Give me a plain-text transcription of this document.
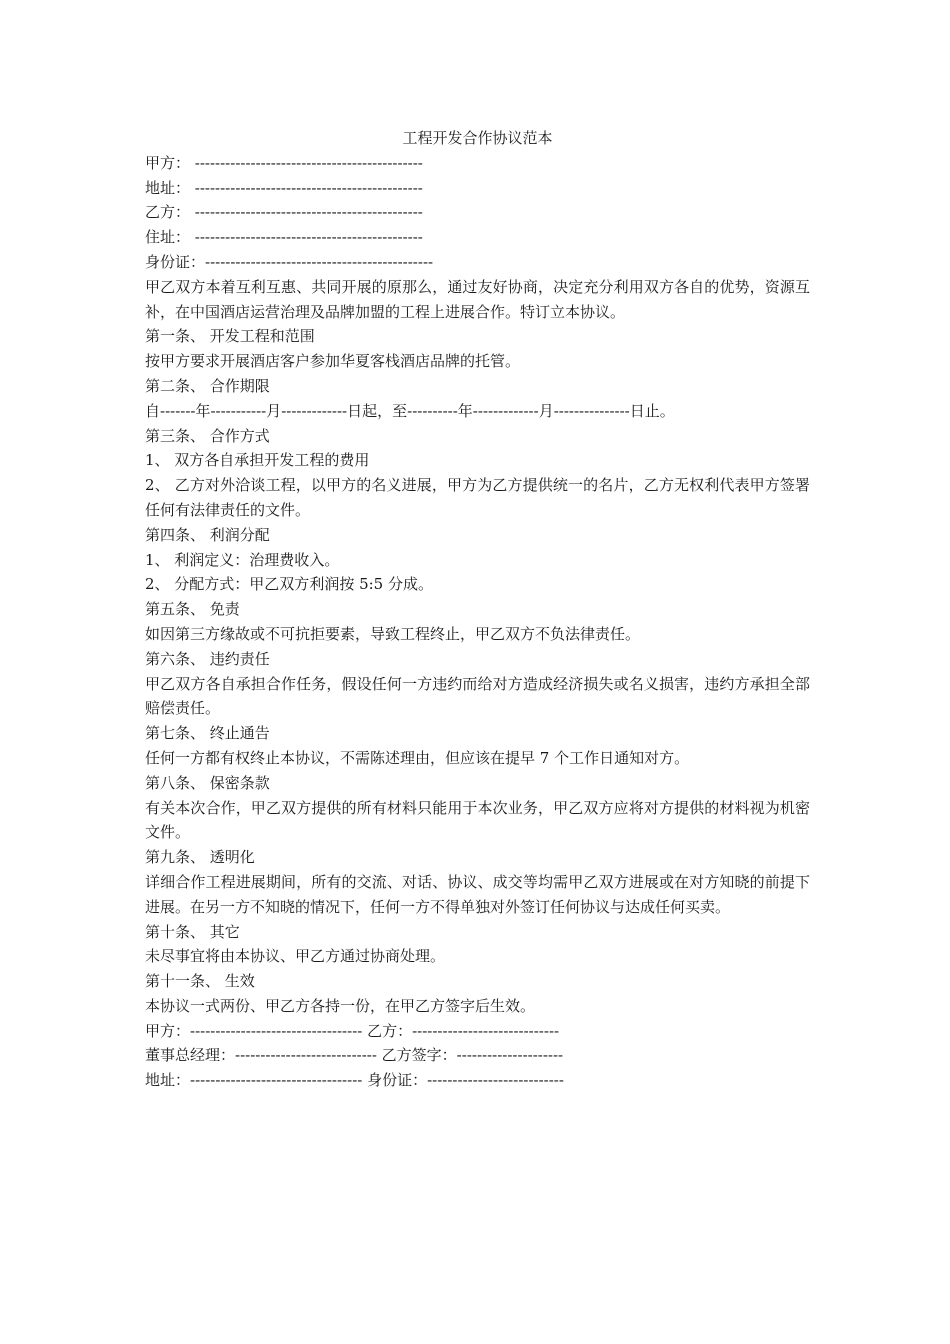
工程开发合作协议范本

甲方： ---------------------------------------------

地址： ---------------------------------------------

乙方： ---------------------------------------------

住址： ---------------------------------------------

身份证：---------------------------------------------

甲乙双方本着互利互惠、共同开展的原那么，通过友好协商，决定充分利用双方各自的优势，资源互补，在中国酒店运营治理及品牌加盟的工程上进展合作。特订立本协议。

第一条、 开发工程和范围

按甲方要求开展酒店客户参加华夏客栈酒店品牌的托管。

第二条、 合作期限

自-------年-----------月-------------日起，至----------年-------------月---------------日止。

第三条、 合作方式

1、 双方各自承担开发工程的费用

2、 乙方对外洽谈工程，以甲方的名义进展，甲方为乙方提供统一的名片，乙方无权利代表甲方签署任何有法律责任的文件。

第四条、 利润分配

1、 利润定义：治理费收入。

2、 分配方式：甲乙双方利润按 5:5 分成。

第五条、 免责

如因第三方缘故或不可抗拒要素，导致工程终止，甲乙双方不负法律责任。

第六条、 违约责任

甲乙双方各自承担合作任务，假设任何一方违约而给对方造成经济损失或名义损害，违约方承担全部赔偿责任。

第七条、 终止通告

任何一方都有权终止本协议，不需陈述理由，但应该在提早 7 个工作日通知对方。

第八条、 保密条款

有关本次合作，甲乙双方提供的所有材料只能用于本次业务，甲乙双方应将对方提供的材料视为机密文件。

第九条、 透明化

详细合作工程进展期间，所有的交流、对话、协议、成交等均需甲乙双方进展或在对方知晓的前提下进展。在另一方不知晓的情况下，任何一方不得单独对外签订任何协议与达成任何买卖。

第十条、 其它

未尽事宜将由本协议、甲乙方通过协商处理。

第十一条、 生效

本协议一式两份、甲乙方各持一份，在甲乙方签字后生效。

甲方：---------------------------------- 乙方：-----------------------------

董事总经理：---------------------------- 乙方签字：---------------------

地址：---------------------------------- 身份证：---------------------------
